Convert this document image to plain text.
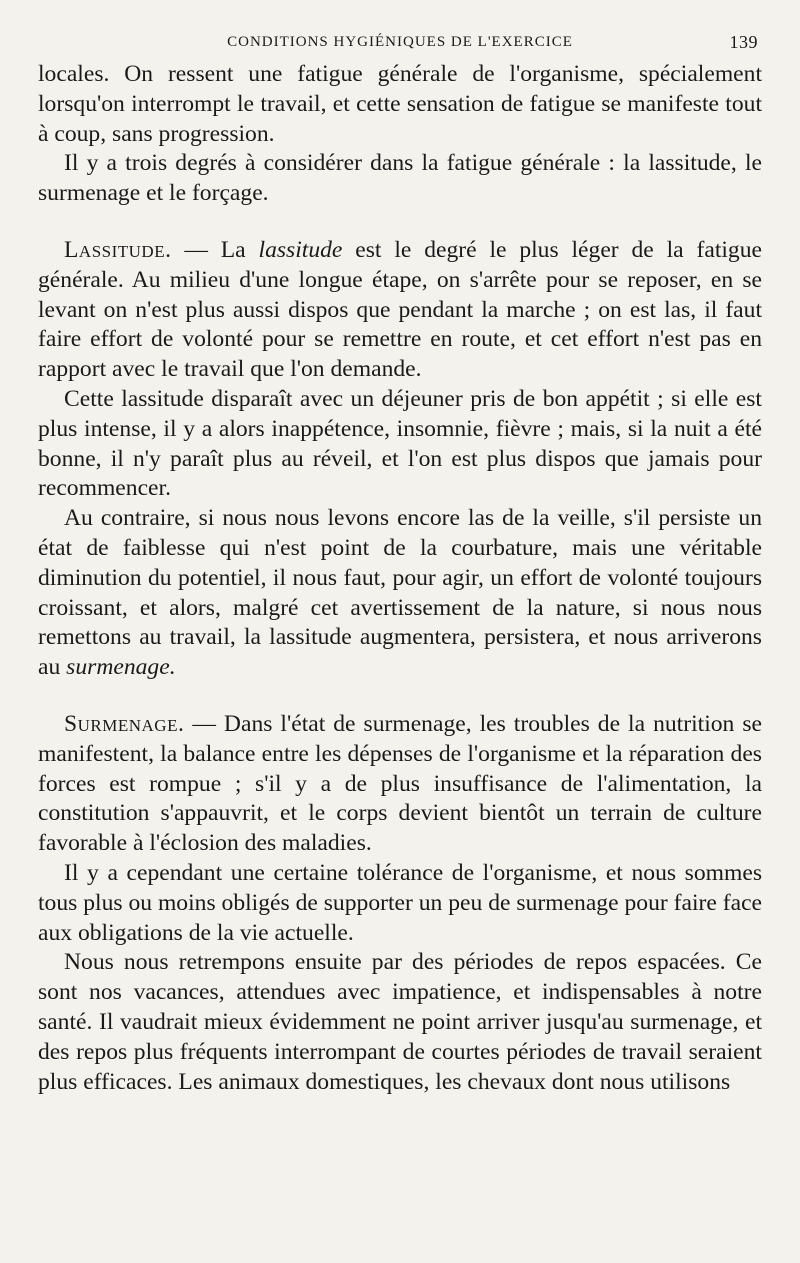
CONDITIONS HYGIÉNIQUES DE L'EXERCICE	139

locales. On ressent une fatigue générale de l'organisme, spécialement lorsqu'on interrompt le travail, et cette sensation de fatigue se manifeste tout à coup, sans progression.

Il y a trois degrés à considérer dans la fatigue générale : la lassitude, le surmenage et le forçage.

Lassitude. — La lassitude est le degré le plus léger de la fatigue générale. Au milieu d'une longue étape, on s'arrête pour se reposer, en se levant on n'est plus aussi dispos que pendant la marche ; on est las, il faut faire effort de volonté pour se remettre en route, et cet effort n'est pas en rapport avec le travail que l'on demande.

Cette lassitude disparaît avec un déjeuner pris de bon appétit ; si elle est plus intense, il y a alors inappétence, insomnie, fièvre ; mais, si la nuit a été bonne, il n'y paraît plus au réveil, et l'on est plus dispos que jamais pour recommencer.

Au contraire, si nous nous levons encore las de la veille, s'il persiste un état de faiblesse qui n'est point de la courbature, mais une véritable diminution du potentiel, il nous faut, pour agir, un effort de volonté toujours croissant, et alors, malgré cet avertissement de la nature, si nous nous remettons au travail, la lassitude augmentera, persistera, et nous arriverons au surmenage.

Surmenage. — Dans l'état de surmenage, les troubles de la nutrition se manifestent, la balance entre les dépenses de l'organisme et la réparation des forces est rompue ; s'il y a de plus insuffisance de l'alimentation, la constitution s'appauvrit, et le corps devient bientôt un terrain de culture favorable à l'éclosion des maladies.

Il y a cependant une certaine tolérance de l'organisme, et nous sommes tous plus ou moins obligés de supporter un peu de surmenage pour faire face aux obligations de la vie actuelle.

Nous nous retrempons ensuite par des périodes de repos espacées. Ce sont nos vacances, attendues avec impatience, et indispensables à notre santé. Il vaudrait mieux évidemment ne point arriver jusqu'au surmenage, et des repos plus fréquents interrompant de courtes périodes de travail seraient plus efficaces. Les animaux domestiques, les chevaux dont nous utilisons
